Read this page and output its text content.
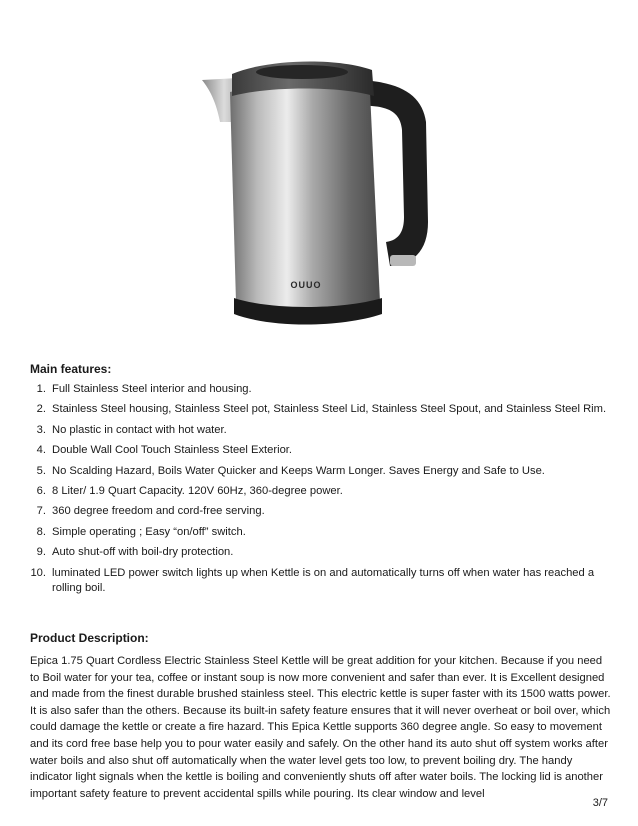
OUUO
Main features:
1. Full Stainless Steel interior and housing.
2. Stainless Steel housing, Stainless Steel pot, Stainless Steel Lid, Stainless Steel Spout, and Stainless Steel Rim.
3. No plastic in contact with hot water.
4. Double Wall Cool Touch Stainless Steel Exterior.
5. No Scalding Hazard, Boils Water Quicker and Keeps Warm Longer. Saves Energy and Safe to Use.
6. 8 Liter/ 1.9 Quart Capacity. 120V 60Hz, 360-degree power.
7. 360 degree freedom and cord-free serving.
8. Simple operating ; Easy “on/off” switch.
9. Auto shut-off with boil-dry protection.
10. luminated LED power switch lights up when Kettle is on and automatically turns off when water has reached a rolling boil.
Product Description:

Epica 1.75 Quart Cordless Electric Stainless Steel Kettle will be great addition for your kitchen. Because if you need to Boil water for your tea, coffee or instant soup is now more convenient and safer than ever. It is Excellent designed and made from the finest durable brushed stainless steel. This electric kettle is super faster with its 1500 watts power. It is also safer than the others. Because its built-in safety feature ensures that it will never overheat or boil over, which could damage the kettle or create a fire hazard. This Epica Kettle supports 360 degree angle. So easy to movement and its cord free base help you to pour water easily and safely. On the other hand its auto shut off system works after water boils and also shut off automatically when the water level gets too low, to prevent boiling dry. The handy indicator light signals when the kettle is boiling and conveniently shuts off after water boils. The locking lid is another important safety feature to prevent accidental spills while pouring. Its clear window and level

3/7
